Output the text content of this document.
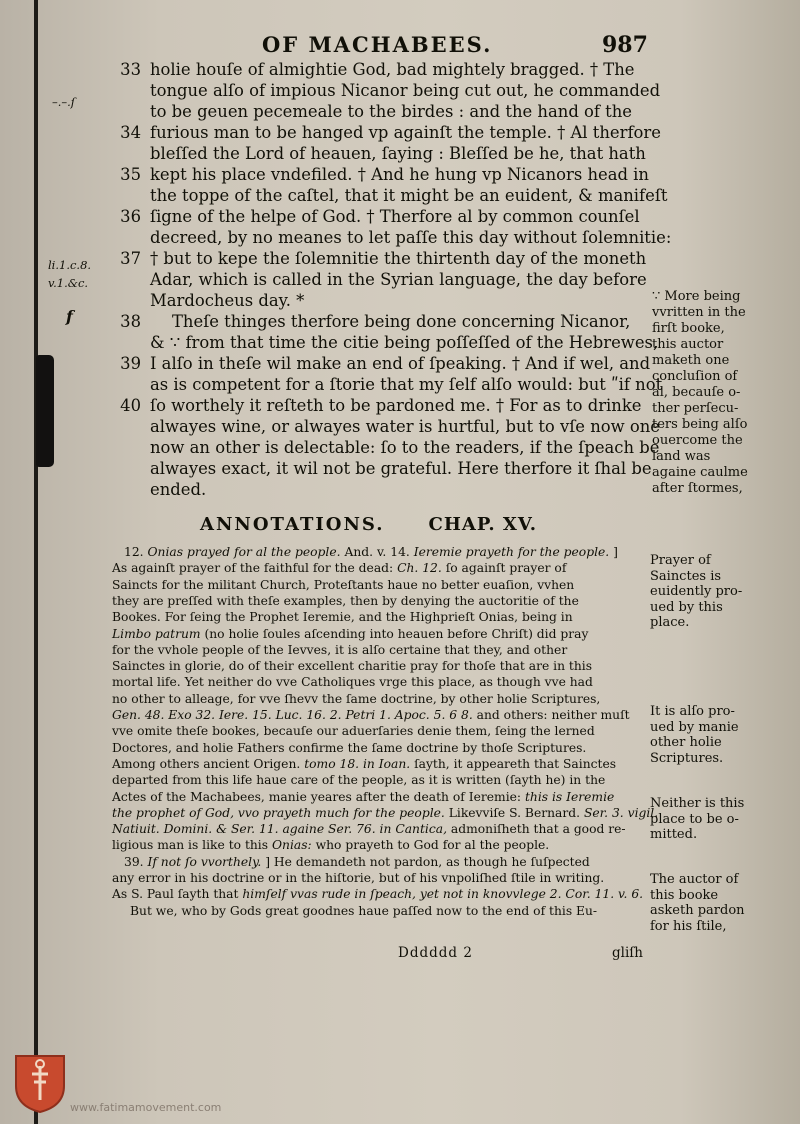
OF MACHABEES.	987
–.–.ſ
li.1.c.8.
v.1.&c.
f
33 holie houſe of almightie God, bad mightely bragged. † The
tongue alſo of impious Nicanor being cut out, he commanded
to be geuen pecemeale to the birdes : and the hand of the
34 furious man to be hanged vp againſt the temple. † Al therfore
bleſſed the Lord of heauen, ſaying : Bleſſed be he, that hath
35 kept his place vndefiled. † And he hung vp Nicanors head in
the toppe of the caſtel, that it might be an euident, & manifeſt
36 ſigne of the helpe of God. † Therfore al by common counſel
decreed, by no meanes to let paſſe this day without ſolemnitie:
37 † but to kepe the ſolemnitie the thirtenth day of the moneth
Adar, which is called in the Syrian language, the day before
Mardocheus day. *
38 Theſe thinges therfore being done concerning Nicanor,
& ∵ from that time the citie being poſſeſſed of the Hebrewes,
39 I alſo in theſe wil make an end of ſpeaking. † And if wel, and
as is competent for a ſtorie that my ſelf alſo would: but ʺif not
40 ſo worthely it reſteth to be pardoned me. † For as to drinke
alwayes wine, or alwayes water is hurtful, but to vſe now one
now an other is delectable: ſo to the readers, if the ſpeach be
alwayes exact, it wil not be grateful. Here therfore it ſhal be
ended.
∵ More being
vvritten in the
firſt booke,
this auctor
maketh one
concluſion of
al, becauſe o-
ther perſecu-
ters being alſo
ouercome the
land was
againe caulme
after ſtormes,
ANNOTATIONS. CHAP. XV.
12. Onias prayed for al the people. And. v. 14. Ieremie prayeth for the people. ]
As againſt prayer of the faithful for the dead: Ch. 12. ſo againſt prayer of
Saincts for the militant Church, Proteſtants haue no better euaſion, vvhen
they are preſſed with theſe examples, then by denying the auctoritie of the
Bookes. For ſeing the Prophet Ieremie, and the Highprieſt Onias, being in
Limbo patrum (no holie ſoules aſcending into heauen before Chriſt) did pray
for the vvhole people of the Ievves, it is alſo certaine that they, and other
Sainctes in glorie, do of their excellent charitie pray for thoſe that are in this
mortal life. Yet neither do vve Catholiques vrge this place, as though vve had
no other to alleage, for vve ſhevv the ſame doctrine, by other holie Scriptures,
Gen. 48. Exo 32. Iere. 15. Luc. 16. 2. Petri 1. Apoc. 5. 6 8. and others: neither muſt
vve omite theſe bookes, becauſe our aduerſaries denie them, ſeing the lerned
Doctores, and holie Fathers confirme the ſame doctrine by thoſe Scriptures.
Among others ancient Origen. tomo 18. in Ioan. ſayth, it appeareth that Sainctes
departed from this life haue care of the people, as it is written (ſayth he) in the
Actes of the Machabees, manie yeares after the death of Ieremie: this is Ieremie
the prophet of God, vvo prayeth much for the people. Likevviſe S. Bernard. Ser. 3. vigil.
Natiuit. Domini. & Ser. 11. againe Ser. 76. in Cantica, admoniſheth that a good re-
ligious man is like to this Onias: who prayeth to God for al the people.
39. If not ſo vvorthely. ] He demandeth not pardon, as though he ſuſpected
any error in his doctrine or in the hiſtorie, but of his vnpoliſhed ſtile in writing.
As S. Paul ſayth that himſelf vvas rude in ſpeach, yet not in knovvlege 2. Cor. 11. v. 6.
But we, who by Gods great goodnes haue paſſed now to the end of this Eu-
Prayer of
Sainctes is
euidently pro-
ued by this
place.
It is alſo pro-
ued by manie
other holie
Scriptures.
Neither is this
place to be o-
mitted.
The auctor of
this booke
asketh pardon
for his ſtile,
Dddddd 2	gliſh
www.fatimamovement.com
